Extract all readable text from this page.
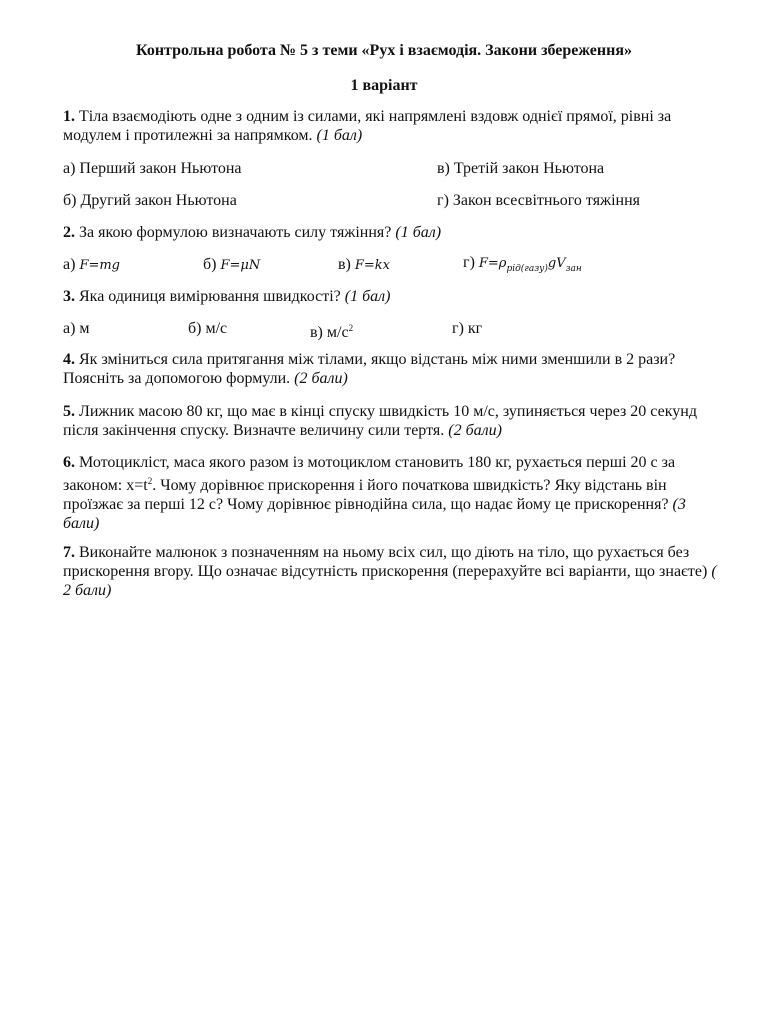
Контрольна робота № 5 з теми «Рух і взаємодія. Закони збереження»
1 варіант
1. Тіла взаємодіють одне з одним із силами, які напрямлені вздовж однієї прямої, рівні за модулем і протилежні за напрямком. (1 бал)
а) Перший закон Ньютона	в) Третій закон Ньютона
б) Другий закон Ньютона	г) Закон всесвітнього тяжіння
2. За якою формулою визначають силу тяжіння? (1 бал)
а) F=mg	б) F=μN	в) F=kx	г) $F=\rho_{рід(газу)}gV_{зан}$
3. Яка одиниця вимірювання швидкості? (1 бал)
а) м	б) м/с	в) $м/с^2$	г) кг
4. Як зміниться сила притягання між тілами, якщо відстань між ними зменшили в 2 рази? Поясніть за допомогою формули. (2 бали)
5. Лижник масою 80 кг, що має в кінці спуску швидкість 10 м/с, зупиняється через 20 секунд після закінчення спуску. Визначте величину сили тертя. (2 бали)
6. Мотоцикліст, маса якого разом із мотоциклом становить 180 кг, рухається перші 20 с за законом: $x=t^2$. Чому дорівнює прискорення і його початкова швидкість? Яку відстань він проїзжає за перші 12 с? Чому дорівнює рівнодійна сила, що надає йому це прискорення? (3 бали)
7. Виконайте малюнок з позначенням на ньому всіх сил, що діють на тіло, що рухається без прискорення вгору. Що означає відсутність прискорення (перерахуйте всі варіанти, що знаєте) ( 2 бали)
